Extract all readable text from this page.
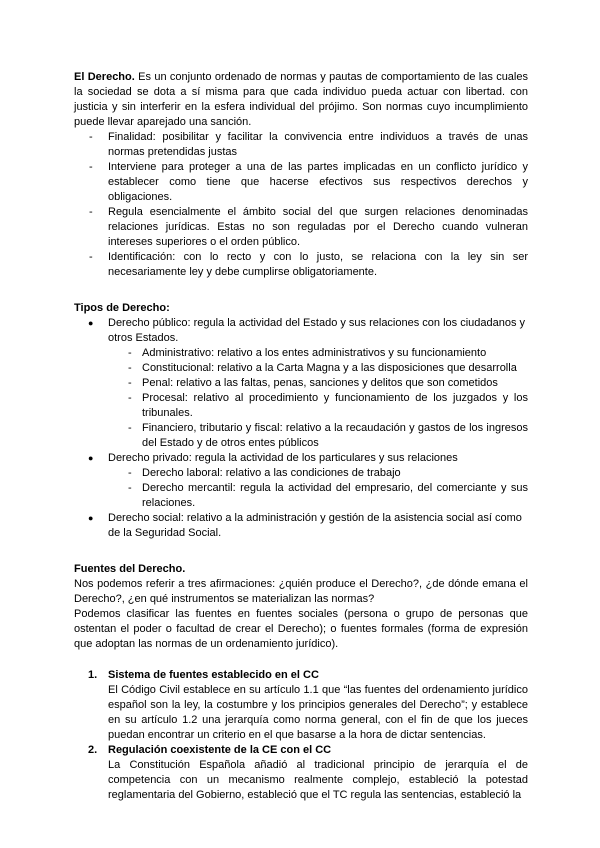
El Derecho. Es un conjunto ordenado de normas y pautas de comportamiento de las cuales la sociedad se dota a sí misma para que cada individuo pueda actuar con libertad. con justicia y sin interferir en la esfera individual del prójimo. Son normas cuyo incumplimiento puede llevar aparejado una sanción.
- Finalidad: posibilitar y facilitar la convivencia entre individuos a través de unas normas pretendidas justas
- Interviene para proteger a una de las partes implicadas en un conflicto jurídico y establecer como tiene que hacerse efectivos sus respectivos derechos y obligaciones.
- Regula esencialmente el ámbito social del que surgen relaciones denominadas relaciones jurídicas. Estas no son reguladas por el Derecho cuando vulneran intereses superiores o el orden público.
- Identificación: con lo recto y con lo justo, se relaciona con la ley sin ser necesariamente ley y debe cumplirse obligatoriamente.
Tipos de Derecho:
● Derecho público: regula la actividad del Estado y sus relaciones con los ciudadanos y otros Estados.
- Administrativo: relativo a los entes administrativos y su funcionamiento
- Constitucional: relativo a la Carta Magna y a las disposiciones que desarrolla
- Penal: relativo a las faltas, penas, sanciones y delitos que son cometidos
- Procesal: relativo al procedimiento y funcionamiento de los juzgados y los tribunales.
- Financiero, tributario y fiscal: relativo a la recaudación y gastos de los ingresos del Estado y de otros entes públicos
● Derecho privado: regula la actividad de los particulares y sus relaciones
- Derecho laboral: relativo a las condiciones de trabajo
- Derecho mercantil: regula la actividad del empresario, del comerciante y sus relaciones.
● Derecho social: relativo a la administración y gestión de la asistencia social así como de la Seguridad Social.
Fuentes del Derecho.
Nos podemos referir a tres afirmaciones: ¿quién produce el Derecho?, ¿de dónde emana el Derecho?, ¿en qué instrumentos se materializan las normas?
Podemos clasificar las fuentes en fuentes sociales (persona o grupo de personas que ostentan el poder o facultad de crear el Derecho); o fuentes formales (forma de expresión que adoptan las normas de un ordenamiento jurídico).
1. Sistema de fuentes establecido en el CC
El Código Civil establece en su artículo 1.1 que “las fuentes del ordenamiento jurídico español son la ley, la costumbre y los principios generales del Derecho”; y establece en su artículo 1.2 una jerarquía como norma general, con el fin de que los jueces puedan encontrar un criterio en el que basarse a la hora de dictar sentencias.
2. Regulación coexistente de la CE con el CC
La Constitución Española añadió al tradicional principio de jerarquía el de competencia con un mecanismo realmente complejo, estableció la potestad reglamentaria del Gobierno, estableció que el TC regula las sentencias, estableció la
